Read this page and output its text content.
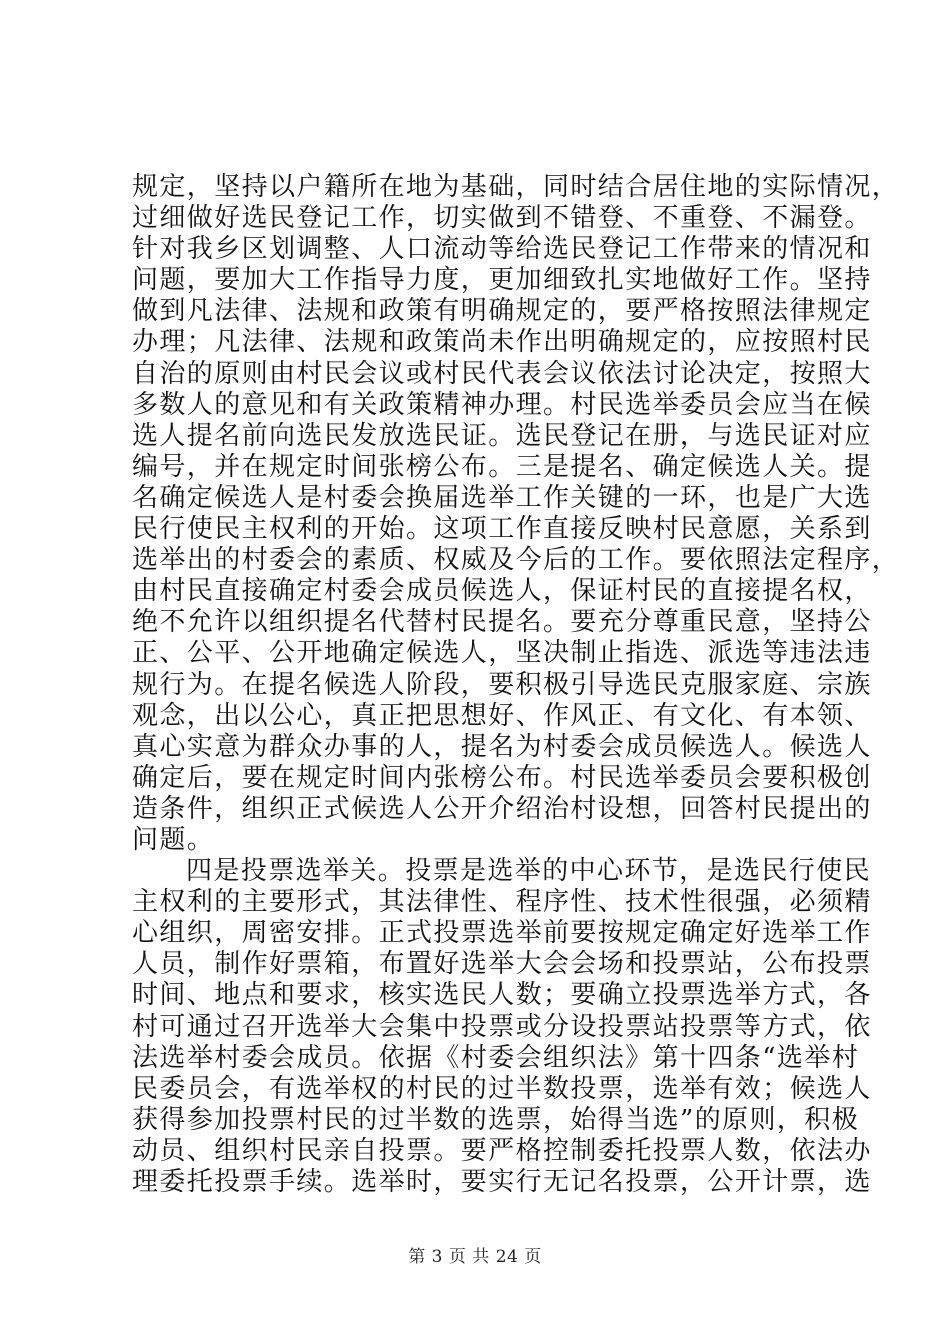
规定，坚持以户籍所在地为基础，同时结合居住地的实际情况，
过细做好选民登记工作，切实做到不错登、不重登、不漏登。
针对我乡区划调整、人口流动等给选民登记工作带来的情况和
问题，要加大工作指导力度，更加细致扎实地做好工作。坚持
做到凡法律、法规和政策有明确规定的，要严格按照法律规定
办理；凡法律、法规和政策尚未作出明确规定的，应按照村民
自治的原则由村民会议或村民代表会议依法讨论决定，按照大
多数人的意见和有关政策精神办理。村民选举委员会应当在候
选人提名前向选民发放选民证。选民登记在册，与选民证对应
编号，并在规定时间张榜公布。三是提名、确定候选人关。提
名确定候选人是村委会换届选举工作关键的一环，也是广大选
民行使民主权利的开始。这项工作直接反映村民意愿，关系到
选举出的村委会的素质、权威及今后的工作。要依照法定程序，
由村民直接确定村委会成员候选人，保证村民的直接提名权，
绝不允许以组织提名代替村民提名。要充分尊重民意，坚持公
正、公平、公开地确定候选人，坚决制止指选、派选等违法违
规行为。在提名候选人阶段，要积极引导选民克服家庭、宗族
观念，出以公心，真正把思想好、作风正、有文化、有本领、
真心实意为群众办事的人，提名为村委会成员候选人。候选人
确定后，要在规定时间内张榜公布。村民选举委员会要积极创
造条件，组织正式候选人公开介绍治村设想，回答村民提出的
问题。
四是投票选举关。投票是选举的中心环节，是选民行使民
主权利的主要形式，其法律性、程序性、技术性很强，必须精
心组织，周密安排。正式投票选举前要按规定确定好选举工作
人员，制作好票箱，布置好选举大会会场和投票站，公布投票
时间、地点和要求，核实选民人数；要确立投票选举方式，各
村可通过召开选举大会集中投票或分设投票站投票等方式，依
法选举村委会成员。依据《村委会组织法》第十四条“选举村
民委员会，有选举权的村民的过半数投票，选举有效；候选人
获得参加投票村民的过半数的选票，始得当选”的原则，积极
动员、组织村民亲自投票。要严格控制委托投票人数，依法办
理委托投票手续。选举时，要实行无记名投票，公开计票，选
第 3 页 共 24 页
